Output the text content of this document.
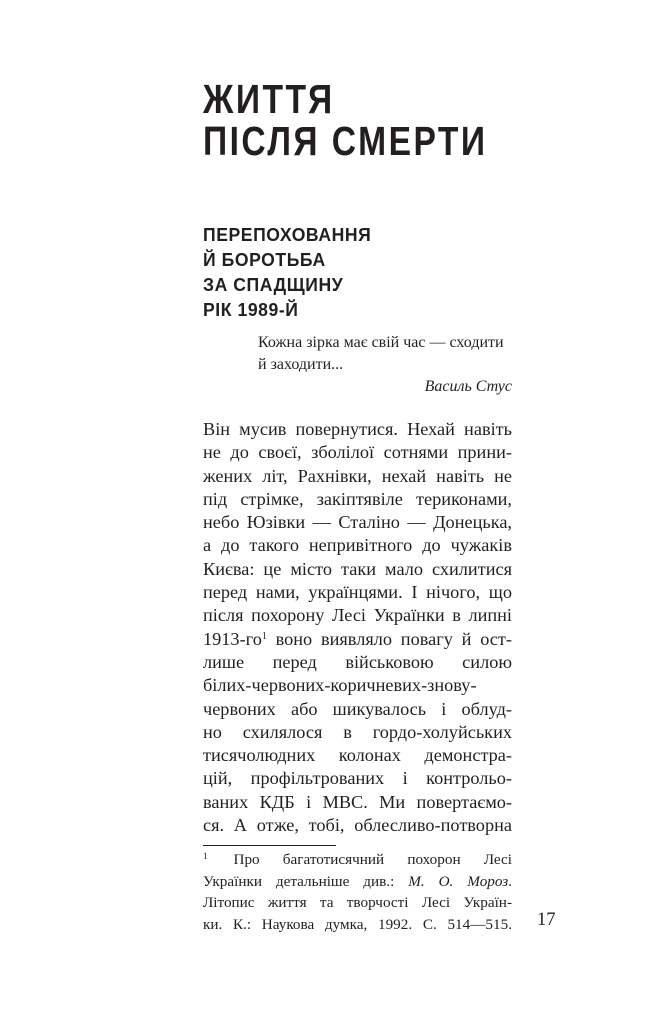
ЖИТТЯ
ПІСЛЯ СМЕРТИ
ПЕРЕПОХОВАННЯ
Й БОРОТЬБА
ЗА СПАДЩИНУ
РІК 1989-Й
Кожна зірка має свій час — сходити
й заходити...
Василь Стус
Він мусив повернутися. Нехай навіть
не до своєї, зболілої сотнями прини-
жених літ, Рахнівки, нехай навіть не
під стрімке, закіптявіле териконами,
небо Юзівки — Сталіно — Донецька,
а до такого непривітного до чужаків
Києва: це місто таки мало схилитися
перед нами, українцями. І нічого, що
після похорону Лесі Українки в липні
1913-го$^1$ воно виявляло повагу й ост-
лише перед військовою силою
білих-червоних-коричневих-знову-
червоних або шикувалось і облуд-
но схилялося в гордо-холуйських
тисячолюдних колонах демонстра-
цій, профільтрованих і контрольо-
ваних КДБ і МВС. Ми повертаємо-
ся. А отже, тобі, облесливо-потворна
$^1$ Про багатотисячний похорон Лесі
Українки детальніше див.: М. О. Мороз.
Літопис життя та творчості Лесі Україн-
ки. К.: Наукова думка, 1992. С. 514—515. 17
